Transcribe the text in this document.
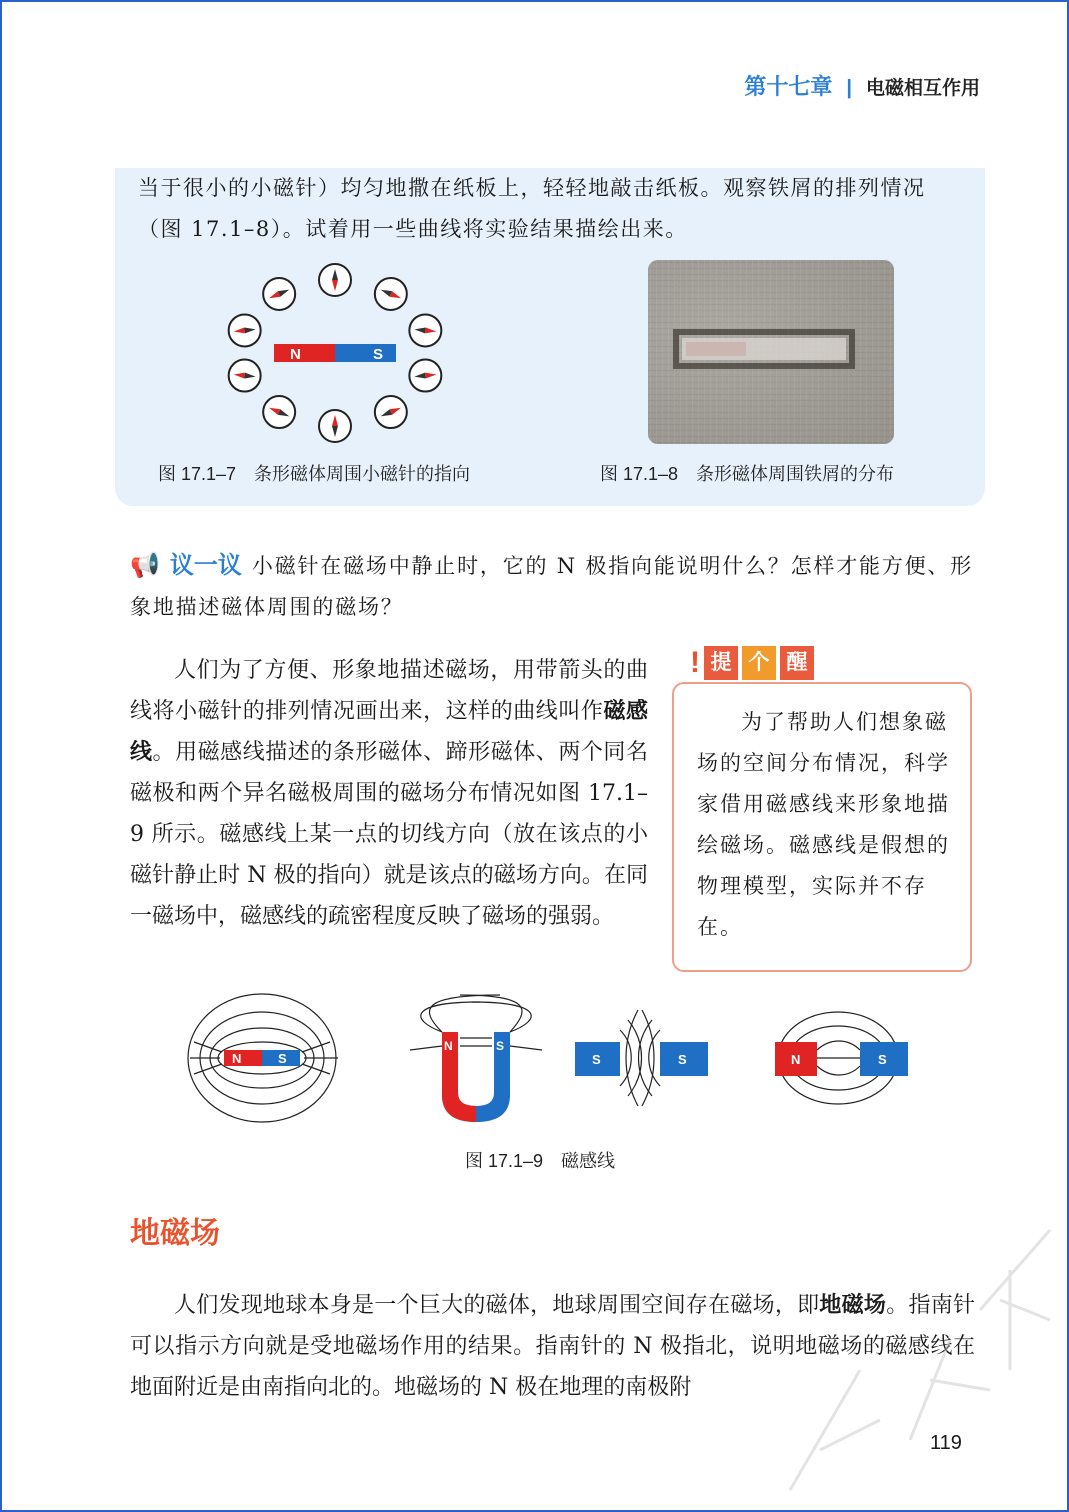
第十七章 | 电磁相互作用
当于很小的小磁针）均匀地撒在纸板上，轻轻地敲击纸板。观察铁屑的排列情况（图 17.1–8）。试着用一些曲线将实验结果描绘出来。
N	S
图 17.1–7　条形磁体周围小磁针的指向	图 17.1–8　条形磁体周围铁屑的分布
📢 议一议 小磁针在磁场中静止时，它的 N 极指向能说明什么？怎样才能方便、形象地描述磁体周围的磁场？
人们为了方便、形象地描述磁场，用带箭头的曲线将小磁针的排列情况画出来，这样的曲线叫作磁感线。用磁感线描述的条形磁体、蹄形磁体、两个同名磁极和两个异名磁极周围的磁场分布情况如图 17.1–9 所示。磁感线上某一点的切线方向（放在该点的小磁针静止时 N 极的指向）就是该点的磁场方向。在同一磁场中，磁感线的疏密程度反映了磁场的强弱。
! 提 个 醒
为了帮助人们想象磁场的空间分布情况，科学家借用磁感线来形象地描绘磁场。磁感线是假想的物理模型，实际并不存在。
N	S
N	S
S	S	N	S
图 17.1–9　磁感线
地磁场
人们发现地球本身是一个巨大的磁体，地球周围空间存在磁场，即地磁场。指南针可以指示方向就是受地磁场作用的结果。指南针的 N 极指北，说明地磁场的磁感线在地面附近是由南指向北的。地磁场的 N 极在地理的南极附
119
